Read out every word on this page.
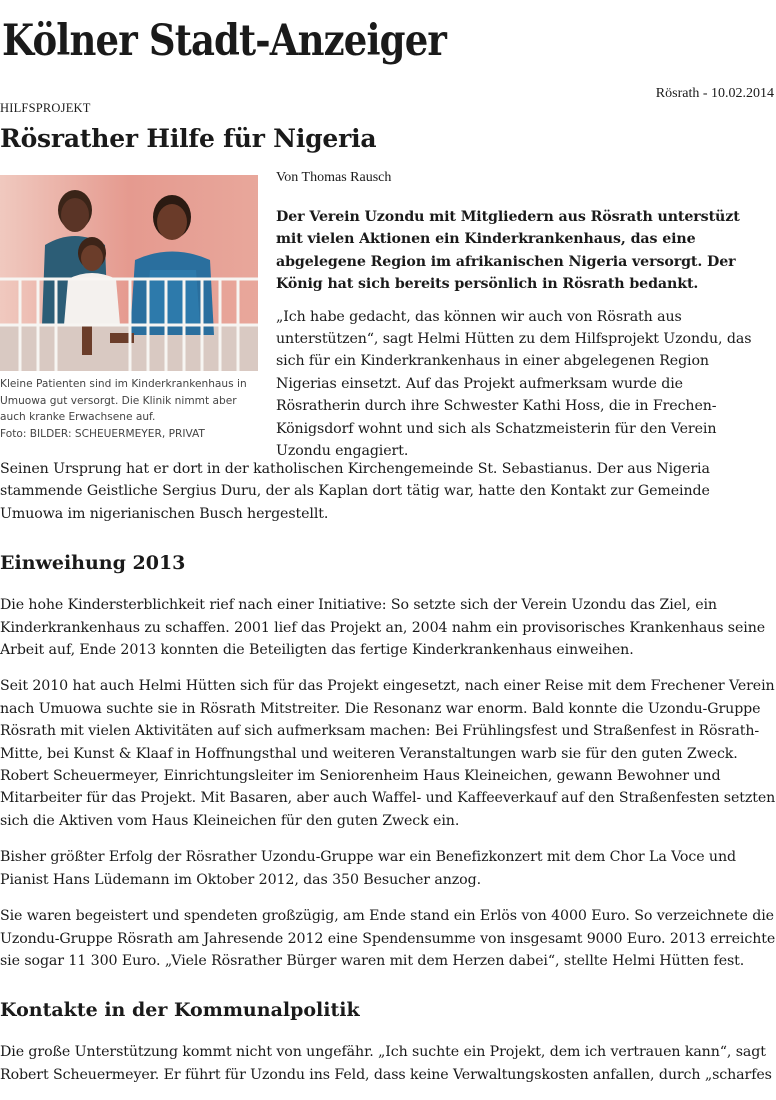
Kölner Stadt-Anzeiger
Rösrath - 10.02.2014
HILFSPROJEKT
Rösrather Hilfe für Nigeria
Kleine Patienten sind im Kinderkrankenhaus in Umuowa gut versorgt. Die Klinik nimmt aber auch kranke Erwachsene auf.
Foto: BILDER: SCHEUERMEYER, PRIVAT

Von Thomas Rausch

Der Verein Uzondu mit Mitgliedern aus Rösrath unterstüzt mit vielen Aktionen ein Kinderkrankenhaus, das eine abgelegene Region im afrikanischen Nigeria versorgt. Der König hat sich bereits persönlich in Rösrath bedankt.

„Ich habe gedacht, das können wir auch von Rösrath aus unterstützen“, sagt Helmi Hütten zu dem Hilfsprojekt Uzondu, das sich für ein Kinderkrankenhaus in einer abgelegenen Region Nigerias einsetzt. Auf das Projekt aufmerksam wurde die Rösratherin durch ihre Schwester Kathi Hoss, die in Frechen-Königsdorf wohnt und sich als Schatzmeisterin für den Verein Uzondu engagiert.

Seinen Ursprung hat er dort in der katholischen Kirchengemeinde St. Sebastianus. Der aus Nigeria stammende Geistliche Sergius Duru, der als Kaplan dort tätig war, hatte den Kontakt zur Gemeinde Umuowa im nigerianischen Busch hergestellt.

Einweihung 2013

Die hohe Kindersterblichkeit rief nach einer Initiative: So setzte sich der Verein Uzondu das Ziel, ein Kinderkrankenhaus zu schaffen. 2001 lief das Projekt an, 2004 nahm ein provisorisches Krankenhaus seine Arbeit auf, Ende 2013 konnten die Beteiligten das fertige Kinderkrankenhaus einweihen.

Seit 2010 hat auch Helmi Hütten sich für das Projekt eingesetzt, nach einer Reise mit dem Frechener Verein nach Umuowa suchte sie in Rösrath Mitstreiter. Die Resonanz war enorm. Bald konnte die Uzondu-Gruppe Rösrath mit vielen Aktivitäten auf sich aufmerksam machen: Bei Frühlingsfest und Straßenfest in Rösrath-Mitte, bei Kunst & Klaaf in Hoffnungsthal und weiteren Veranstaltungen warb sie für den guten Zweck. Robert Scheuermeyer, Einrichtungsleiter im Seniorenheim Haus Kleineichen, gewann Bewohner und Mitarbeiter für das Projekt. Mit Basaren, aber auch Waffel- und Kaffeeverkauf auf den Straßenfesten setzten sich die Aktiven vom Haus Kleineichen für den guten Zweck ein.

Bisher größter Erfolg der Rösrather Uzondu-Gruppe war ein Benefizkonzert mit dem Chor La Voce und Pianist Hans Lüdemann im Oktober 2012, das 350 Besucher anzog.

Sie waren begeistert und spendeten großzügig, am Ende stand ein Erlös von 4000 Euro. So verzeichnete die Uzondu-Gruppe Rösrath am Jahresende 2012 eine Spendensumme von insgesamt 9000 Euro. 2013 erreichte sie sogar 11 300 Euro. „Viele Rösrather Bürger waren mit dem Herzen dabei“, stellte Helmi Hütten fest.

Kontakte in der Kommunalpolitik

Die große Unterstützung kommt nicht von ungefähr. „Ich suchte ein Projekt, dem ich vertrauen kann“, sagt Robert Scheuermeyer. Er führt für Uzondu ins Feld, dass keine Verwaltungskosten anfallen, durch „scharfes
